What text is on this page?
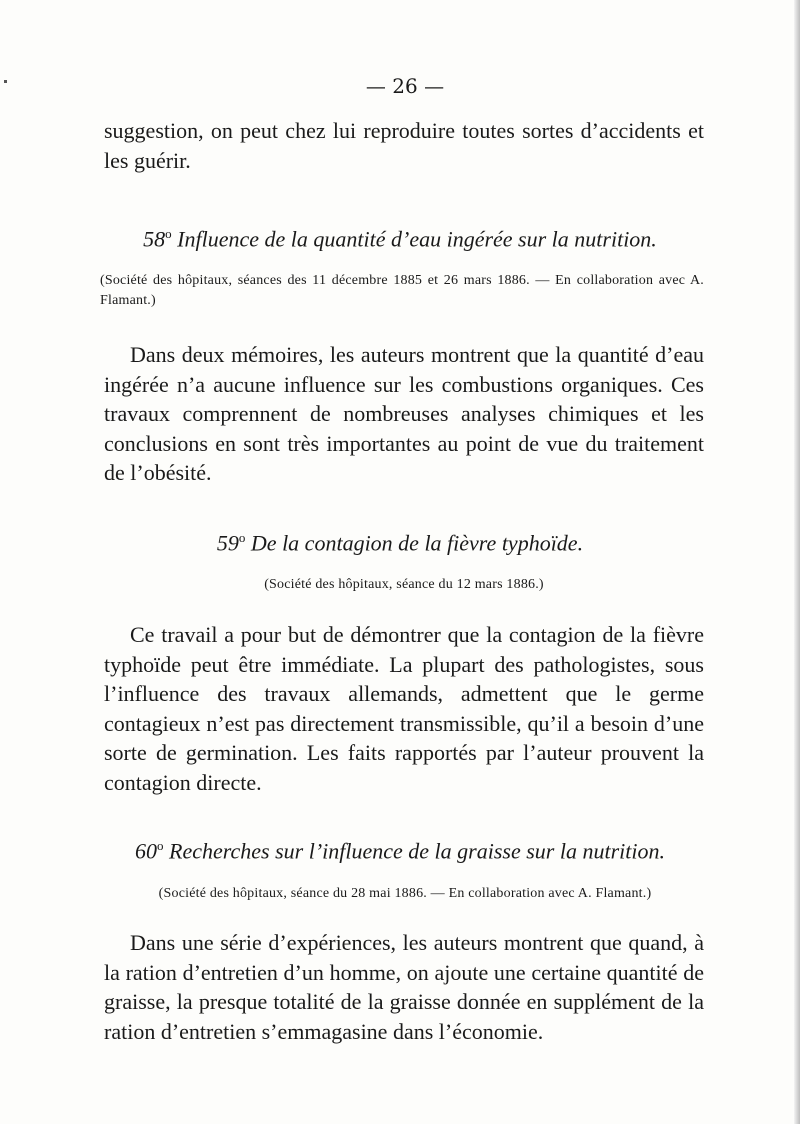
— 26 —

suggestion, on peut chez lui reproduire toutes sortes d’accidents et les guérir.

58$^o$ Influence de la quantité d’eau ingérée sur la nutrition.

(Société des hôpitaux, séances des 11 décembre 1885 et 26 mars 1886. — En collaboration avec A. Flamant.)

Dans deux mémoires, les auteurs montrent que la quantité d’eau ingérée n’a aucune influence sur les combustions organiques. Ces travaux comprennent de nombreuses analyses chimiques et les conclusions en sont très importantes au point de vue du traitement de l’obésité.

59$^o$ De la contagion de la fièvre typhoïde.

(Société des hôpitaux, séance du 12 mars 1886.)

Ce travail a pour but de démontrer que la contagion de la fièvre typhoïde peut être immédiate. La plupart des pathologistes, sous l’influence des travaux allemands, admettent que le germe contagieux n’est pas directement transmissible, qu’il a besoin d’une sorte de germination. Les faits rapportés par l’auteur prouvent la contagion directe.

60$^o$ Recherches sur l’influence de la graisse sur la nutrition.

(Société des hôpitaux, séance du 28 mai 1886. — En collaboration avec A. Flamant.)

Dans une série d’expériences, les auteurs montrent que quand, à la ration d’entretien d’un homme, on ajoute une certaine quantité de graisse, la presque totalité de la graisse donnée en supplément de la ration d’entretien s’emmagasine dans l’économie.
